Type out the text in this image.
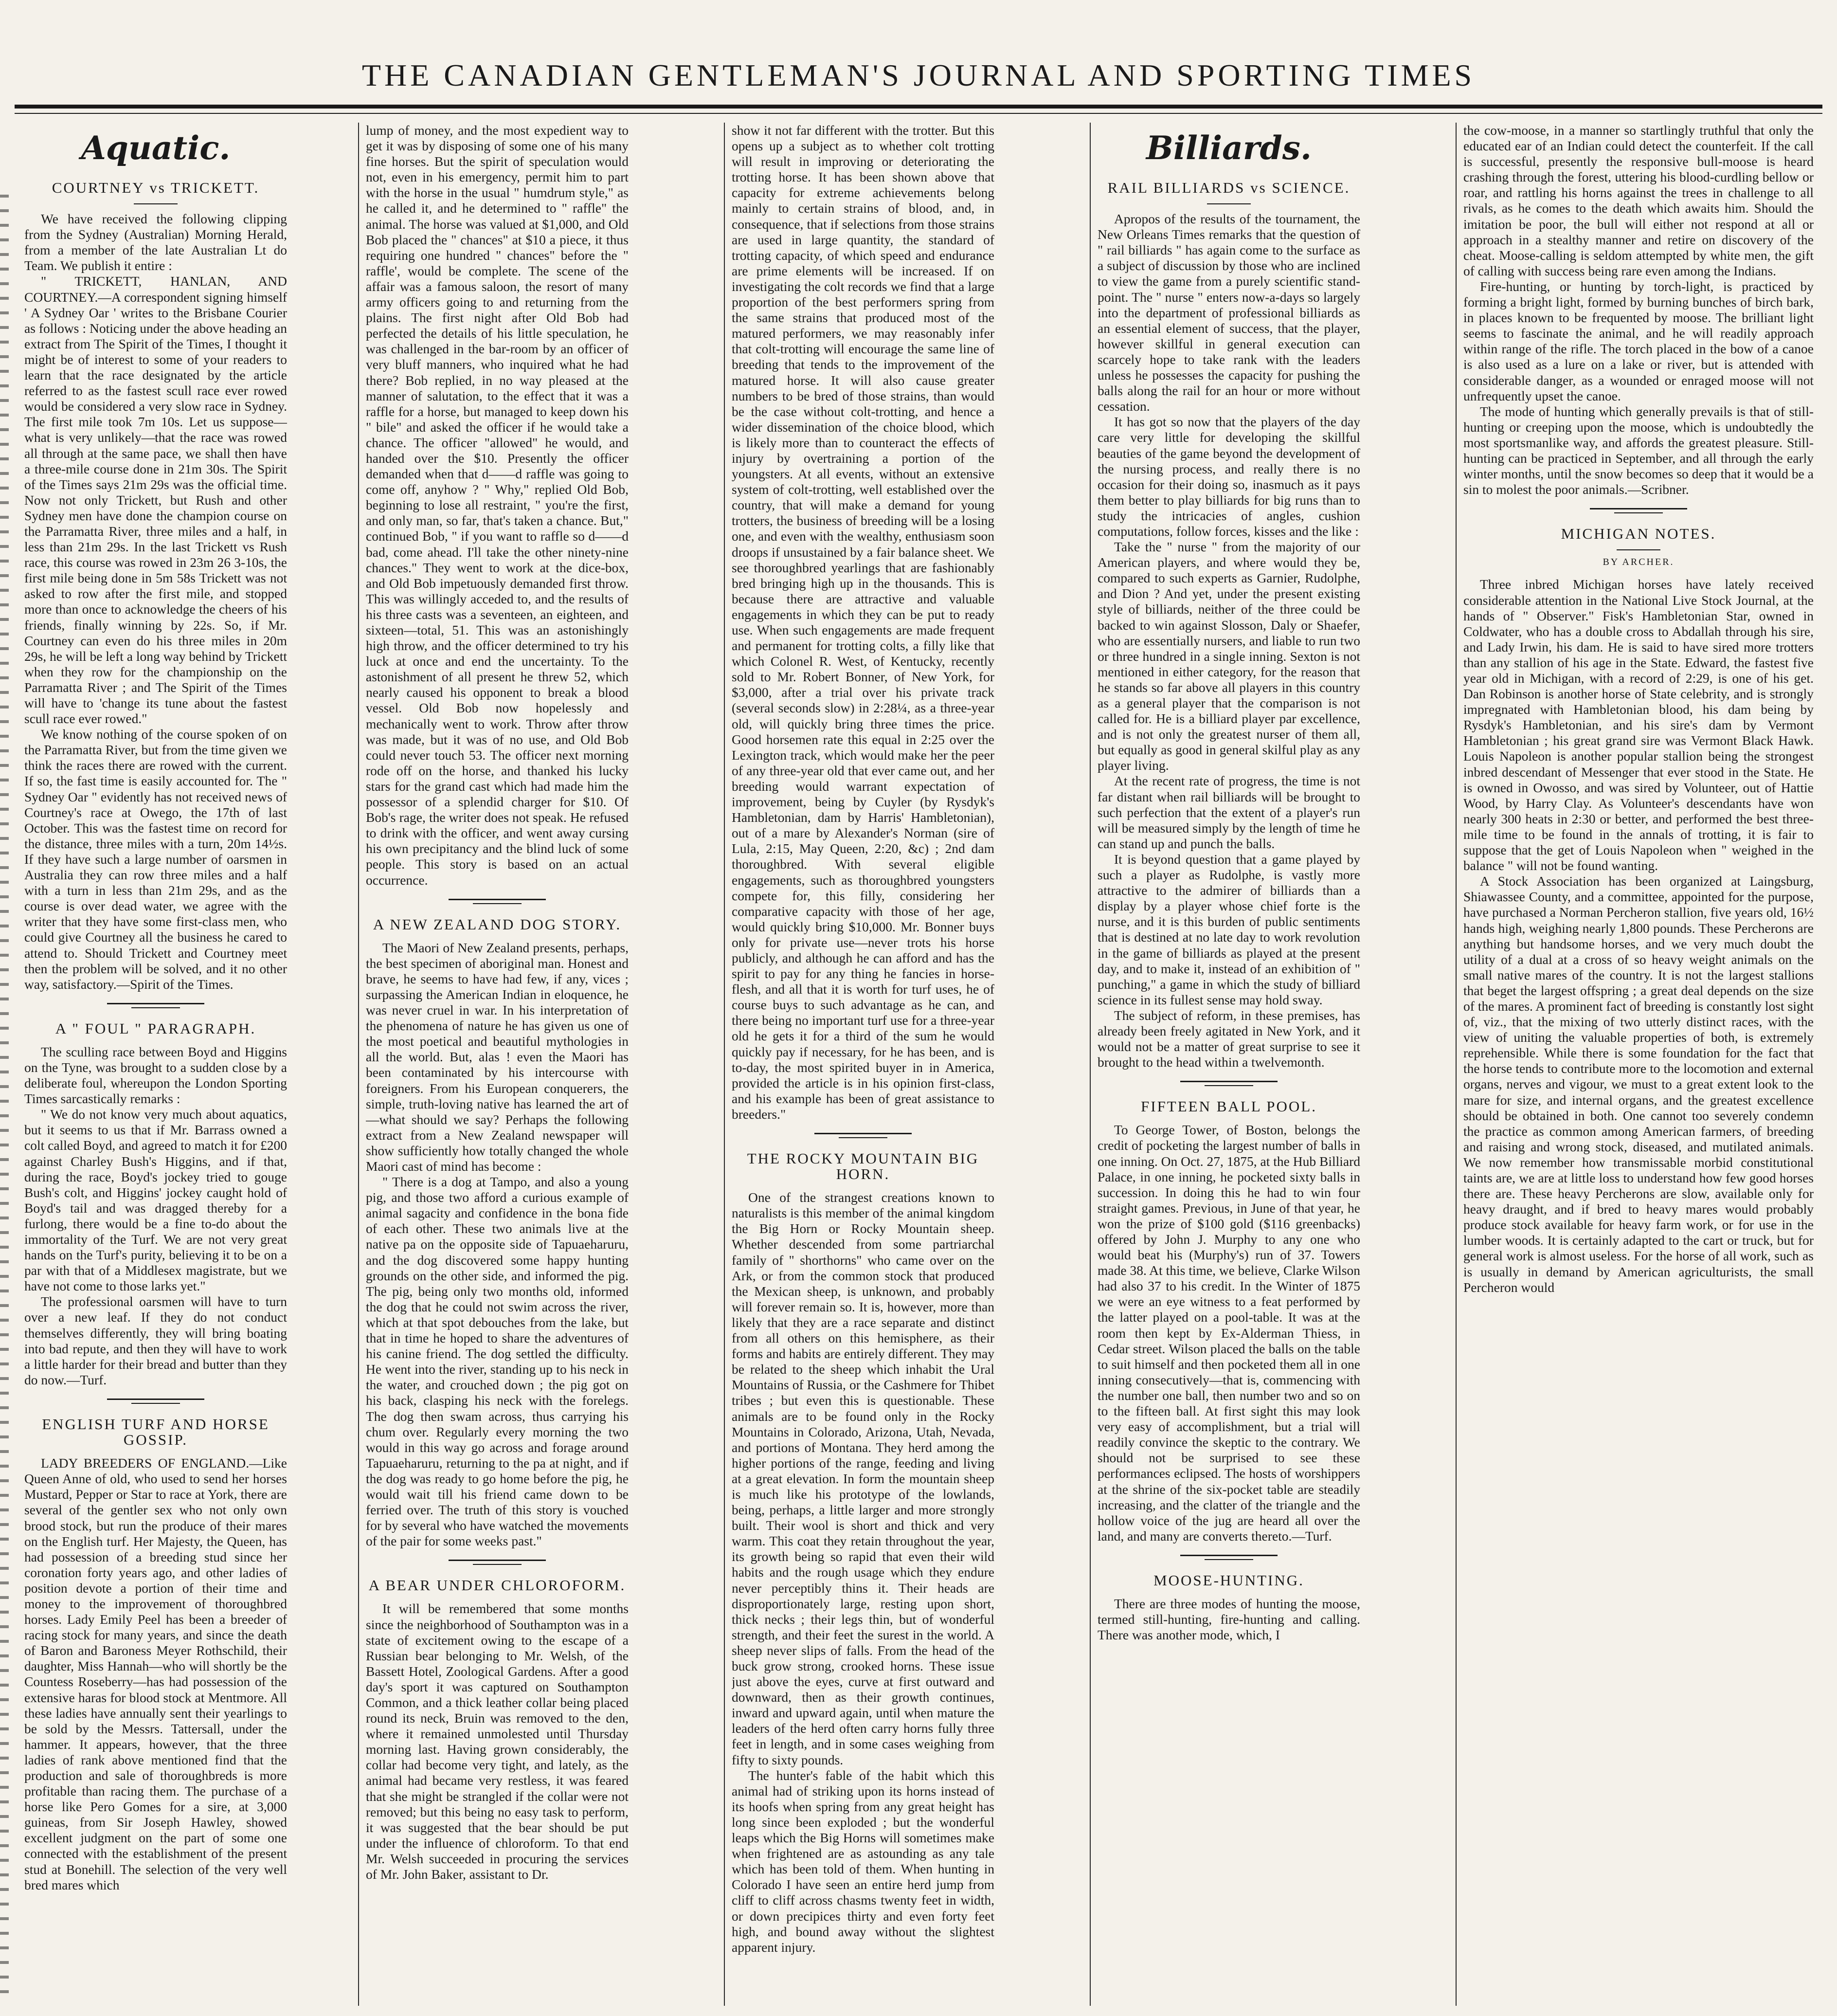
THE CANADIAN GENTLEMAN'S JOURNAL AND SPORTING TIMES
Aquatic.
COURTNEY vs TRICKETT.

We have received the following clipping from the Sydney (Australian) Morning Herald, from a member of the late Australian Lt do Team. We publish it entire :

" TRICKETT, HANLAN, AND COURTNEY.—A correspondent signing himself ' A Sydney Oar ' writes to the Brisbane Courier as follows : Noticing under the above heading an extract from The Spirit of the Times, I thought it might be of interest to some of your readers to learn that the race designated by the article referred to as the fastest scull race ever rowed would be considered a very slow race in Sydney. The first mile took 7m 10s. Let us suppose—what is very unlikely—that the race was rowed all through at the same pace, we shall then have a three-mile course done in 21m 30s. The Spirit of the Times says 21m 29s was the official time. Now not only Trickett, but Rush and other Sydney men have done the champion course on the Parramatta River, three miles and a half, in less than 21m 29s. In the last Trickett vs Rush race, this course was rowed in 23m 26 3-10s, the first mile being done in 5m 58s Trickett was not asked to row after the first mile, and stopped more than once to acknowledge the cheers of his friends, finally winning by 22s. So, if Mr. Courtney can even do his three miles in 20m 29s, he will be left a long way behind by Trickett when they row for the championship on the Parramatta River ; and The Spirit of the Times will have to 'change its tune about the fastest scull race ever rowed."

We know nothing of the course spoken of on the Parramatta River, but from the time given we think the races there are rowed with the current. If so, the fast time is easily accounted for. The " Sydney Oar " evidently has not received news of Courtney's race at Owego, the 17th of last October. This was the fastest time on record for the distance, three miles with a turn, 20m 14½s. If they have such a large number of oarsmen in Australia they can row three miles and a half with a turn in less than 21m 29s, and as the course is over dead water, we agree with the writer that they have some first-class men, who could give Courtney all the business he cared to attend to. Should Trickett and Courtney meet then the problem will be solved, and it no other way, satisfactory.—Spirit of the Times.

A " FOUL " PARAGRAPH.

The sculling race between Boyd and Higgins on the Tyne, was brought to a sudden close by a deliberate foul, whereupon the London Sporting Times sarcastically remarks :

" We do not know very much about aquatics, but it seems to us that if Mr. Barrass owned a colt called Boyd, and agreed to match it for £200 against Charley Bush's Higgins, and if that, during the race, Boyd's jockey tried to gouge Bush's colt, and Higgins' jockey caught hold of Boyd's tail and was dragged thereby for a furlong, there would be a fine to-do about the immortality of the Turf. We are not very great hands on the Turf's purity, believing it to be on a par with that of a Middlesex magistrate, but we have not come to those larks yet."

The professional oarsmen will have to turn over a new leaf. If they do not conduct themselves differently, they will bring boating into bad repute, and then they will have to work a little harder for their bread and butter than they do now.—Turf.

ENGLISH TURF AND HORSE GOSSIP.

LADY BREEDERS OF ENGLAND.—Like Queen Anne of old, who used to send her horses Mustard, Pepper or Star to race at York, there are several of the gentler sex who not only own brood stock, but run the produce of their mares on the English turf. Her Majesty, the Queen, has had possession of a breeding stud since her coronation forty years ago, and other ladies of position devote a portion of their time and money to the improvement of thoroughbred horses. Lady Emily Peel has been a breeder of racing stock for many years, and since the death of Baron and Baroness Meyer Rothschild, their daughter, Miss Hannah—who will shortly be the Countess Roseberry—has had possession of the extensive haras for blood stock at Mentmore. All these ladies have annually sent their yearlings to be sold by the Messrs. Tattersall, under the hammer. It appears, however, that the three ladies of rank above mentioned find that the production and sale of thoroughbreds is more profitable than racing them. The purchase of a horse like Pero Gomes for a sire, at 3,000 guineas, from Sir Joseph Hawley, showed excellent judgment on the part of some one connected with the establishment of the present stud at Bonehill. The selection of the very well bred mares which

lump of money, and the most expedient way to get it was by disposing of some one of his many fine horses. But the spirit of speculation would not, even in his emergency, permit him to part with the horse in the usual " humdrum style," as he called it, and he determined to " raffle" the animal. The horse was valued at $1,000, and Old Bob placed the " chances" at $10 a piece, it thus requiring one hundred " chances" before the " raffle', would be complete. The scene of the affair was a famous saloon, the resort of many army officers going to and returning from the plains. The first night after Old Bob had perfected the details of his little speculation, he was challenged in the bar-room by an officer of very bluff manners, who inquired what he had there? Bob replied, in no way pleased at the manner of salutation, to the effect that it was a raffle for a horse, but managed to keep down his " bile" and asked the officer if he would take a chance. The officer "allowed" he would, and handed over the $10. Presently the officer demanded when that d——d raffle was going to come off, anyhow ? " Why," replied Old Bob, beginning to lose all restraint, " you're the first, and only man, so far, that's taken a chance. But," continued Bob, " if you want to raffle so d——d bad, come ahead. I'll take the other ninety-nine chances." They went to work at the dice-box, and Old Bob impetuously demanded first throw. This was willingly acceded to, and the results of his three casts was a seventeen, an eighteen, and sixteen—total, 51. This was an astonishingly high throw, and the officer determined to try his luck at once and end the uncertainty. To the astonishment of all present he threw 52, which nearly caused his opponent to break a blood vessel. Old Bob now hopelessly and mechanically went to work. Throw after throw was made, but it was of no use, and Old Bob could never touch 53. The officer next morning rode off on the horse, and thanked his lucky stars for the grand cast which had made him the possessor of a splendid charger for $10. Of Bob's rage, the writer does not speak. He refused to drink with the officer, and went away cursing his own precipitancy and the blind luck of some people. This story is based on an actual occurrence.

A NEW ZEALAND DOG STORY.

The Maori of New Zealand presents, perhaps, the best specimen of aboriginal man. Honest and brave, he seems to have had few, if any, vices ; surpassing the American Indian in eloquence, he was never cruel in war. In his interpretation of the phenomena of nature he has given us one of the most poetical and beautiful mythologies in all the world. But, alas ! even the Maori has been contaminated by his intercourse with foreigners. From his European conquerers, the simple, truth-loving native has learned the art of—what should we say? Perhaps the following extract from a New Zealand newspaper will show sufficiently how totally changed the whole Maori cast of mind has become :

" There is a dog at Tampo, and also a young pig, and those two afford a curious example of animal sagacity and confidence in the bona fide of each other. These two animals live at the native pa on the opposite side of Tapuaeharuru, and the dog discovered some happy hunting grounds on the other side, and informed the pig. The pig, being only two months old, informed the dog that he could not swim across the river, which at that spot debouches from the lake, but that in time he hoped to share the adventures of his canine friend. The dog settled the difficulty. He went into the river, standing up to his neck in the water, and crouched down ; the pig got on his back, clasping his neck with the forelegs. The dog then swam across, thus carrying his chum over. Regularly every morning the two would in this way go across and forage around Tapuaeharuru, returning to the pa at night, and if the dog was ready to go home before the pig, he would wait till his friend came down to be ferried over. The truth of this story is vouched for by several who have watched the movements of the pair for some weeks past."

A BEAR UNDER CHLOROFORM.

It will be remembered that some months since the neighborhood of Southampton was in a state of excitement owing to the escape of a Russian bear belonging to Mr. Welsh, of the Bassett Hotel, Zoological Gardens. After a good day's sport it was captured on Southampton Common, and a thick leather collar being placed round its neck, Bruin was removed to the den, where it remained unmolested until Thursday morning last. Having grown considerably, the collar had become very tight, and lately, as the animal had became very restless, it was feared that she might be strangled if the collar were not removed; but this being no easy task to perform, it was suggested that the bear should be put under the influence of chloroform. To that end Mr. Welsh succeeded in procuring the services of Mr. John Baker, assistant to Dr.

show it not far different with the trotter. But this opens up a subject as to whether colt trotting will result in improving or deteriorating the trotting horse. It has been shown above that capacity for extreme achievements belong mainly to certain strains of blood, and, in consequence, that if selections from those strains are used in large quantity, the standard of trotting capacity, of which speed and endurance are prime elements will be increased. If on investigating the colt records we find that a large proportion of the best performers spring from the same strains that produced most of the matured performers, we may reasonably infer that colt-trotting will encourage the same line of breeding that tends to the improvement of the matured horse. It will also cause greater numbers to be bred of those strains, than would be the case without colt-trotting, and hence a wider dissemination of the choice blood, which is likely more than to counteract the effects of injury by overtraining a portion of the youngsters. At all events, without an extensive system of colt-trotting, well established over the country, that will make a demand for young trotters, the business of breeding will be a losing one, and even with the wealthy, enthusiasm soon droops if unsustained by a fair balance sheet. We see thoroughbred yearlings that are fashionably bred bringing high up in the thousands. This is because there are attractive and valuable engagements in which they can be put to ready use. When such engagements are made frequent and permanent for trotting colts, a filly like that which Colonel R. West, of Kentucky, recently sold to Mr. Robert Bonner, of New York, for $3,000, after a trial over his private track (several seconds slow) in 2:28¼, as a three-year old, will quickly bring three times the price. Good horsemen rate this equal in 2:25 over the Lexington track, which would make her the peer of any three-year old that ever came out, and her breeding would warrant expectation of improvement, being by Cuyler (by Rysdyk's Hambletonian, dam by Harris' Hambletonian), out of a mare by Alexander's Norman (sire of Lula, 2:15, May Queen, 2:20, &c) ; 2nd dam thoroughbred. With several eligible engagements, such as thoroughbred youngsters compete for, this filly, considering her comparative capacity with those of her age, would quickly bring $10,000. Mr. Bonner buys only for private use—never trots his horse publicly, and although he can afford and has the spirit to pay for any thing he fancies in horse-flesh, and all that it is worth for turf uses, he of course buys to such advantage as he can, and there being no important turf use for a three-year old he gets it for a third of the sum he would quickly pay if necessary, for he has been, and is to-day, the most spirited buyer in in America, provided the article is in his opinion first-class, and his example has been of great assistance to breeders."

THE ROCKY MOUNTAIN BIG HORN.

One of the strangest creations known to naturalists is this member of the animal kingdom the Big Horn or Rocky Mountain sheep. Whether descended from some partriarchal family of " shorthorns" who came over on the Ark, or from the common stock that produced the Mexican sheep, is unknown, and probably will forever remain so. It is, however, more than likely that they are a race separate and distinct from all others on this hemisphere, as their forms and habits are entirely different. They may be related to the sheep which inhabit the Ural Mountains of Russia, or the Cashmere for Thibet tribes ; but even this is questionable. These animals are to be found only in the Rocky Mountains in Colorado, Arizona, Utah, Nevada, and portions of Montana. They herd among the higher portions of the range, feeding and living at a great elevation. In form the mountain sheep is much like his prototype of the lowlands, being, perhaps, a little larger and more strongly built. Their wool is short and thick and very warm. This coat they retain throughout the year, its growth being so rapid that even their wild habits and the rough usage which they endure never perceptibly thins it. Their heads are disproportionately large, resting upon short, thick necks ; their legs thin, but of wonderful strength, and their feet the surest in the world. A sheep never slips of falls. From the head of the buck grow strong, crooked horns. These issue just above the eyes, curve at first outward and downward, then as their growth continues, inward and upward again, until when mature the leaders of the herd often carry horns fully three feet in length, and in some cases weighing from fifty to sixty pounds.

The hunter's fable of the habit which this animal had of striking upon its horns instead of its hoofs when spring from any great height has long since been exploded ; but the wonderful leaps which the Big Horns will sometimes make when frightened are as astounding as any tale which has been told of them. When hunting in Colorado I have seen an entire herd jump from cliff to cliff across chasms twenty feet in width, or down precipices thirty and even forty feet high, and bound away without the slightest apparent injury.

Billiards.
RAIL BILLIARDS vs SCIENCE.

Apropos of the results of the tournament, the New Orleans Times remarks that the question of " rail billiards " has again come to the surface as a subject of discussion by those who are inclined to view the game from a purely scientific stand-point. The " nurse " enters now-a-days so largely into the department of professional billiards as an essential element of success, that the player, however skillful in general execution can scarcely hope to take rank with the leaders unless he possesses the capacity for pushing the balls along the rail for an hour or more without cessation.

It has got so now that the players of the day care very little for developing the skillful beauties of the game beyond the development of the nursing process, and really there is no occasion for their doing so, inasmuch as it pays them better to play billiards for big runs than to study the intricacies of angles, cushion computations, follow forces, kisses and the like :

Take the " nurse " from the majority of our American players, and where would they be, compared to such experts as Garnier, Rudolphe, and Dion ? And yet, under the present existing style of billiards, neither of the three could be backed to win against Slosson, Daly or Shaefer, who are essentially nursers, and liable to run two or three hundred in a single inning. Sexton is not mentioned in either category, for the reason that he stands so far above all players in this country as a general player that the comparison is not called for. He is a billiard player par excellence, and is not only the greatest nurser of them all, but equally as good in general skilful play as any player living.

At the recent rate of progress, the time is not far distant when rail billiards will be brought to such perfection that the extent of a player's run will be measured simply by the length of time he can stand up and punch the balls.

It is beyond question that a game played by such a player as Rudolphe, is vastly more attractive to the admirer of billiards than a display by a player whose chief forte is the nurse, and it is this burden of public sentiments that is destined at no late day to work revolution in the game of billiards as played at the present day, and to make it, instead of an exhibition of " punching," a game in which the study of billiard science in its fullest sense may hold sway.

The subject of reform, in these premises, has already been freely agitated in New York, and it would not be a matter of great surprise to see it brought to the head within a twelvemonth.

FIFTEEN BALL POOL.

To George Tower, of Boston, belongs the credit of pocketing the largest number of balls in one inning. On Oct. 27, 1875, at the Hub Billiard Palace, in one inning, he pocketed sixty balls in succession. In doing this he had to win four straight games. Previous, in June of that year, he won the prize of $100 gold ($116 greenbacks) offered by John J. Murphy to any one who would beat his (Murphy's) run of 37. Towers made 38. At this time, we believe, Clarke Wilson had also 37 to his credit. In the Winter of 1875 we were an eye witness to a feat performed by the latter played on a pool-table. It was at the room then kept by Ex-Alderman Thiess, in Cedar street. Wilson placed the balls on the table to suit himself and then pocketed them all in one inning consecutively—that is, commencing with the number one ball, then number two and so on to the fifteen ball. At first sight this may look very easy of accomplishment, but a trial will readily convince the skeptic to the contrary. We should not be surprised to see these performances eclipsed. The hosts of worshippers at the shrine of the six-pocket table are steadily increasing, and the clatter of the triangle and the hollow voice of the jug are heard all over the land, and many are converts thereto.—Turf.

MOOSE-HUNTING.

There are three modes of hunting the moose, termed still-hunting, fire-hunting and calling. There was another mode, which, I

the cow-moose, in a manner so startlingly truthful that only the educated ear of an Indian could detect the counterfeit. If the call is successful, presently the responsive bull-moose is heard crashing through the forest, uttering his blood-curdling bellow or roar, and rattling his horns against the trees in challenge to all rivals, as he comes to the death which awaits him. Should the imitation be poor, the bull will either not respond at all or approach in a stealthy manner and retire on discovery of the cheat. Moose-calling is seldom attempted by white men, the gift of calling with success being rare even among the Indians.

Fire-hunting, or hunting by torch-light, is practiced by forming a bright light, formed by burning bunches of birch bark, in places known to be frequented by moose. The brilliant light seems to fascinate the animal, and he will readily approach within range of the rifle. The torch placed in the bow of a canoe is also used as a lure on a lake or river, but is attended with considerable danger, as a wounded or enraged moose will not unfrequently upset the canoe.

The mode of hunting which generally prevails is that of still-hunting or creeping upon the moose, which is undoubtedly the most sportsmanlike way, and affords the greatest pleasure. Still-hunting can be practiced in September, and all through the early winter months, until the snow becomes so deep that it would be a sin to molest the poor animals.—Scribner.

MICHIGAN NOTES.
BY ARCHER.

Three inbred Michigan horses have lately received considerable attention in the National Live Stock Journal, at the hands of " Observer." Fisk's Hambletonian Star, owned in Coldwater, who has a double cross to Abdallah through his sire, and Lady Irwin, his dam. He is said to have sired more trotters than any stallion of his age in the State. Edward, the fastest five year old in Michigan, with a record of 2:29, is one of his get. Dan Robinson is another horse of State celebrity, and is strongly impregnated with Hambletonian blood, his dam being by Rysdyk's Hambletonian, and his sire's dam by Vermont Hambletonian ; his great grand sire was Vermont Black Hawk. Louis Napoleon is another popular stallion being the strongest inbred descendant of Messenger that ever stood in the State. He is owned in Owosso, and was sired by Volunteer, out of Hattie Wood, by Harry Clay. As Volunteer's descendants have won nearly 300 heats in 2:30 or better, and performed the best three-mile time to be found in the annals of trotting, it is fair to suppose that the get of Louis Napoleon when " weighed in the balance " will not be found wanting.

A Stock Association has been organized at Laingsburg, Shiawassee County, and a committee, appointed for the purpose, have purchased a Norman Percheron stallion, five years old, 16½ hands high, weighing nearly 1,800 pounds. These Percherons are anything but handsome horses, and we very much doubt the utility of a dual at a cross of so heavy weight animals on the small native mares of the country. It is not the largest stallions that beget the largest offspring ; a great deal depends on the size of the mares. A prominent fact of breeding is constantly lost sight of, viz., that the mixing of two utterly distinct races, with the view of uniting the valuable properties of both, is extremely reprehensible. While there is some foundation for the fact that the horse tends to contribute more to the locomotion and external organs, nerves and vigour, we must to a great extent look to the mare for size, and internal organs, and the greatest excellence should be obtained in both. One cannot too severely condemn the practice as common among American farmers, of breeding and raising and wrong stock, diseased, and mutilated animals. We now remember how transmissable morbid constitutional taints are, we are at little loss to understand how few good horses there are. These heavy Percherons are slow, available only for heavy draught, and if bred to heavy mares would probably produce stock available for heavy farm work, or for use in the lumber woods. It is certainly adapted to the cart or truck, but for general work is almost useless. For the horse of all work, such as is usually in demand by American agriculturists, the small Percheron would
